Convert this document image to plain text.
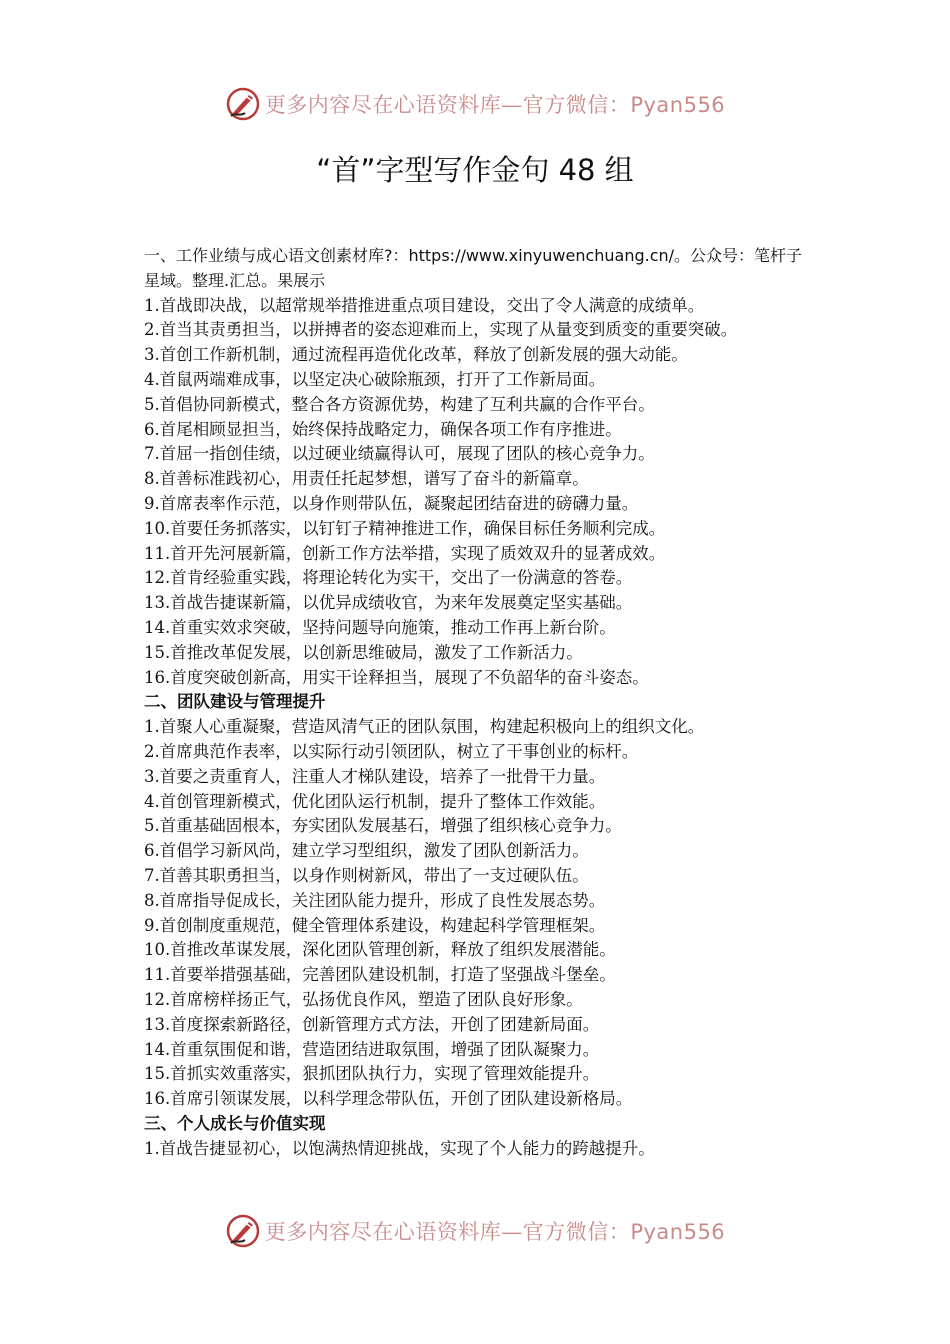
更多内容尽在心语资料库—官方微信：Pyan556
“首”字型写作金句 48 组
一、工作业绩与成心语文创素材库?：https://www.xinyuwenchuang.cn/。公众号：笔杆子星域。整理.汇总。果展示
1.首战即决战，以超常规举措推进重点项目建设，交出了令人满意的成绩单。
2.首当其责勇担当，以拼搏者的姿态迎难而上，实现了从量变到质变的重要突破。
3.首创工作新机制，通过流程再造优化改革，释放了创新发展的强大动能。
4.首鼠两端难成事，以坚定决心破除瓶颈，打开了工作新局面。
5.首倡协同新模式，整合各方资源优势，构建了互利共赢的合作平台。
6.首尾相顾显担当，始终保持战略定力，确保各项工作有序推进。
7.首屈一指创佳绩，以过硬业绩赢得认可，展现了团队的核心竞争力。
8.首善标准践初心，用责任托起梦想，谱写了奋斗的新篇章。
9.首席表率作示范，以身作则带队伍，凝聚起团结奋进的磅礴力量。
10.首要任务抓落实，以钉钉子精神推进工作，确保目标任务顺利完成。
11.首开先河展新篇，创新工作方法举措，实现了质效双升的显著成效。
12.首肯经验重实践，将理论转化为实干，交出了一份满意的答卷。
13.首战告捷谋新篇，以优异成绩收官，为来年发展奠定坚实基础。
14.首重实效求突破，坚持问题导向施策，推动工作再上新台阶。
15.首推改革促发展，以创新思维破局，激发了工作新活力。
16.首度突破创新高，用实干诠释担当，展现了不负韶华的奋斗姿态。
二、团队建设与管理提升
1.首聚人心重凝聚，营造风清气正的团队氛围，构建起积极向上的组织文化。
2.首席典范作表率，以实际行动引领团队，树立了干事创业的标杆。
3.首要之责重育人，注重人才梯队建设，培养了一批骨干力量。
4.首创管理新模式，优化团队运行机制，提升了整体工作效能。
5.首重基础固根本，夯实团队发展基石，增强了组织核心竞争力。
6.首倡学习新风尚，建立学习型组织，激发了团队创新活力。
7.首善其职勇担当，以身作则树新风，带出了一支过硬队伍。
8.首席指导促成长，关注团队能力提升，形成了良性发展态势。
9.首创制度重规范，健全管理体系建设，构建起科学管理框架。
10.首推改革谋发展，深化团队管理创新，释放了组织发展潜能。
11.首要举措强基础，完善团队建设机制，打造了坚强战斗堡垒。
12.首席榜样扬正气，弘扬优良作风，塑造了团队良好形象。
13.首度探索新路径，创新管理方式方法，开创了团建新局面。
14.首重氛围促和谐，营造团结进取氛围，增强了团队凝聚力。
15.首抓实效重落实，狠抓团队执行力，实现了管理效能提升。
16.首席引领谋发展，以科学理念带队伍，开创了团队建设新格局。
三、个人成长与价值实现
1.首战告捷显初心，以饱满热情迎挑战，实现了个人能力的跨越提升。
更多内容尽在心语资料库—官方微信：Pyan556
